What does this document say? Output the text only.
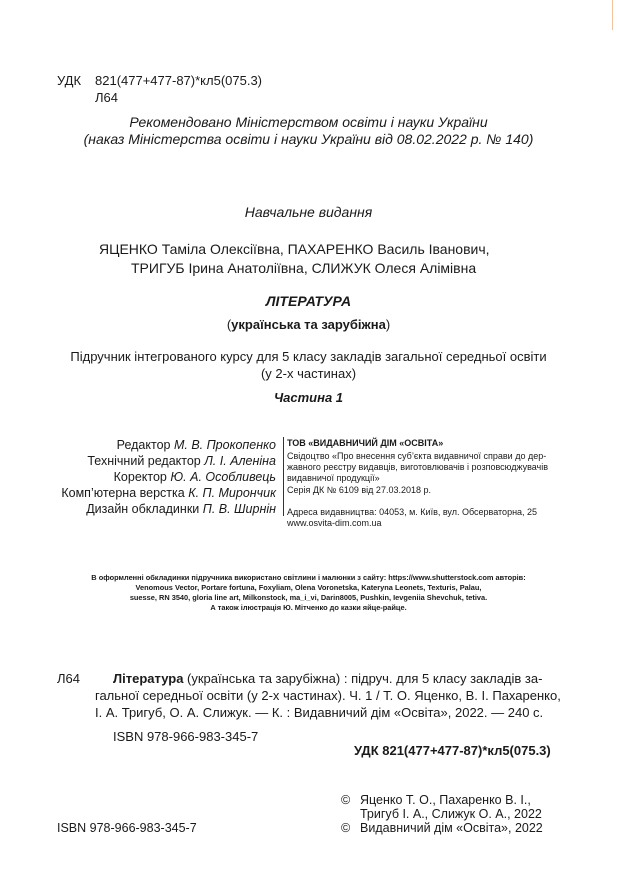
УДК 821(477+477-87)*кл5(075.3)
Л64
Рекомендовано Міністерством освіти і науки України
(наказ Міністерства освіти і науки України від 08.02.2022 р. № 140)
Навчальне видання
ЯЦЕНКО Таміла Олексіївна, ПАХАРЕНКО Василь Іванович,
ТРИГУБ Ірина Анатоліївна, СЛИЖУК Олеся Алімівна
ЛІТЕРАТУРА
(українська та зарубіжна)
Підручник інтегрованого курсу для 5 класу закладів загальної середньої освіти
(у 2-х частинах)
Частина 1
Редактор М. В. Прокопенко
Технічний редактор Л. І. Аленіна
Коректор Ю. А. Особливець
Комп’ютерна верстка К. П. Мирончик
Дизайн обкладинки П. В. Ширнін
ТОВ «ВИДАВНИЧИЙ ДІМ «ОСВІТА»
Свідоцтво «Про внесення суб’єкта видавничої справи до дер-
жавного реєстру видавців, виготовлювачів і розповсюджувачів
видавничої продукції»
Серія ДК № 6109 від 27.03.2018 р.
Адреса видавництва: 04053, м. Київ, вул. Обсерваторна, 25
www.osvita-dim.com.ua
В оформленні обкладинки підручника використано світлини і малюнки з сайту: https://www.shutterstock.com авторів:
Venomous Vector, Portare fortuna, Foxyliam, Olena Voronetska, Kateryna Leonets, Texturis, Palau,
suesse, RN 3540, gloria line art, Milkonstock, ma_i_vi, Darin8005, Pushkin, Ievgeniia Shevchuk, tetiva.
А також ілюстрація Ю. Мітченко до казки яйце-райце.
Л64	Література (українська та зарубіжна) : підруч. для 5 класу закладів за-
гальної середньої освіти (у 2-х частинах). Ч. 1 / Т. О. Яценко, В. І. Пахаренко,
І. А. Тригуб, О. А. Слижук. — К. : Видавничий дім «Освіта», 2022. — 240 с.
ISBN 978-966-983-345-7
УДК 821(477+477-87)*кл5(075.3)
© Яценко Т. О., Пахаренко В. І.,
Тригуб І. А., Слижук О. А., 2022
© Видавничий дім «Освіта», 2022
ISBN 978-966-983-345-7
